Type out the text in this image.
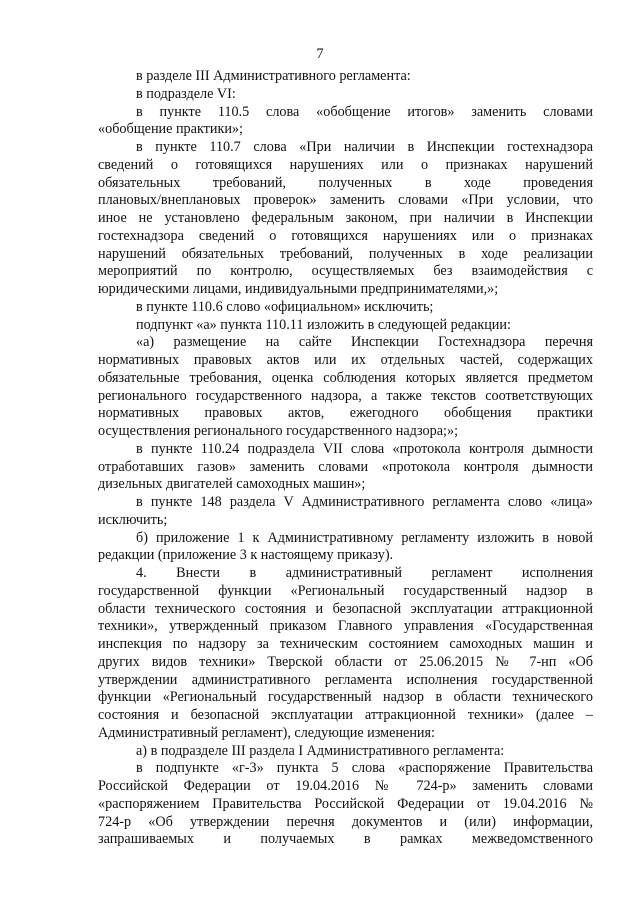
7
в разделе III Административного регламента:
в подразделе VI:
в пункте 110.5 слова «обобщение итогов» заменить словами
«обобщение практики»;
в пункте 110.7 слова «При наличии в Инспекции гостехнадзора
сведений о готовящихся нарушениях или о признаках нарушений
обязательных требований, полученных в ходе проведения
плановых/внеплановых проверок» заменить словами «При условии, что
иное не установлено федеральным законом, при наличии в Инспекции
гостехнадзора сведений о готовящихся нарушениях или о признаках
нарушений обязательных требований, полученных в ходе реализации
мероприятий по контролю, осуществляемых без взаимодействия с
юридическими лицами, индивидуальными предпринимателями,»;
в пункте 110.6 слово «официальном» исключить;
подпункт «а» пункта 110.11 изложить в следующей редакции:
«а) размещение на сайте Инспекции Гостехнадзора перечня
нормативных правовых актов или их отдельных частей, содержащих
обязательные требования, оценка соблюдения которых является предметом
регионального государственного надзора, а также текстов соответствующих
нормативных правовых актов, ежегодного обобщения практики
осуществления регионального государственного надзора;»;
в пункте 110.24 подраздела VII слова «протокола контроля дымности
отработавших газов» заменить словами «протокола контроля дымности
дизельных двигателей самоходных машин»;
в пункте 148 раздела V Административного регламента слово «лица»
исключить;
б) приложение 1 к Административному регламенту изложить в новой
редакции (приложение 3 к настоящему приказу).
4. Внести в административный регламент исполнения
государственной функции «Региональный государственный надзор в
области технического состояния и безопасной эксплуатации аттракционной
техники», утвержденный приказом Главного управления «Государственная
инспекция по надзору за техническим состоянием самоходных машин и
других видов техники» Тверской области от 25.06.2015 № 7-нп «Об
утверждении административного регламента исполнения государственной
функции «Региональный государственный надзор в области технического
состояния и безопасной эксплуатации аттракционной техники» (далее –
Административный регламент), следующие изменения:
а) в подразделе III раздела I Административного регламента:
в подпункте «г-3» пункта 5 слова «распоряжение Правительства
Российской Федерации от 19.04.2016 № 724-р» заменить словами
«распоряжением Правительства Российской Федерации от 19.04.2016 №
724-р «Об утверждении перечня документов и (или) информации,
запрашиваемых и получаемых в рамках межведомственного
